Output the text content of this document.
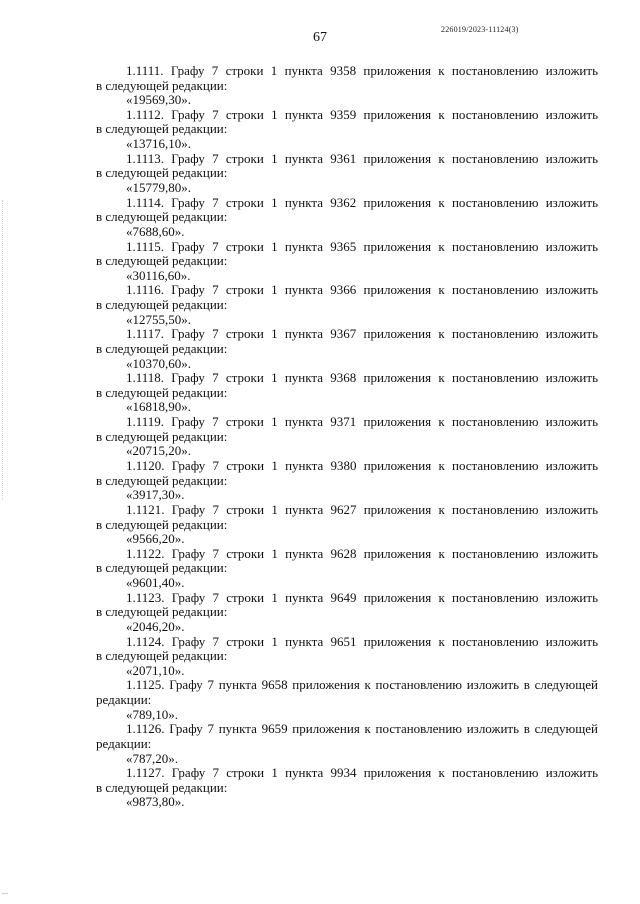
226019/2023-11124(3)
67
1.1111. Графу 7 строки 1 пункта 9358 приложения к постановлению изложить
в следующей редакции:
«19569,30».
1.1112. Графу 7 строки 1 пункта 9359 приложения к постановлению изложить
в следующей редакции:
«13716,10».
1.1113. Графу 7 строки 1 пункта 9361 приложения к постановлению изложить
в следующей редакции:
«15779,80».
1.1114. Графу 7 строки 1 пункта 9362 приложения к постановлению изложить
в следующей редакции:
«7688,60».
1.1115. Графу 7 строки 1 пункта 9365 приложения к постановлению изложить
в следующей редакции:
«30116,60».
1.1116. Графу 7 строки 1 пункта 9366 приложения к постановлению изложить
в следующей редакции:
«12755,50».
1.1117. Графу 7 строки 1 пункта 9367 приложения к постановлению изложить
в следующей редакции:
«10370,60».
1.1118. Графу 7 строки 1 пункта 9368 приложения к постановлению изложить
в следующей редакции:
«16818,90».
1.1119. Графу 7 строки 1 пункта 9371 приложения к постановлению изложить
в следующей редакции:
«20715,20».
1.1120. Графу 7 строки 1 пункта 9380 приложения к постановлению изложить
в следующей редакции:
«3917,30».
1.1121. Графу 7 строки 1 пункта 9627 приложения к постановлению изложить
в следующей редакции:
«9566,20».
1.1122. Графу 7 строки 1 пункта 9628 приложения к постановлению изложить
в следующей редакции:
«9601,40».
1.1123. Графу 7 строки 1 пункта 9649 приложения к постановлению изложить
в следующей редакции:
«2046,20».
1.1124. Графу 7 строки 1 пункта 9651 приложения к постановлению изложить
в следующей редакции:
«2071,10».
1.1125. Графу 7 пункта 9658 приложения к постановлению изложить в следующей
редакции:
«789,10».
1.1126. Графу 7 пункта 9659 приложения к постановлению изложить в следующей
редакции:
«787,20».
1.1127. Графу 7 строки 1 пункта 9934 приложения к постановлению изложить
в следующей редакции:
«9873,80».
